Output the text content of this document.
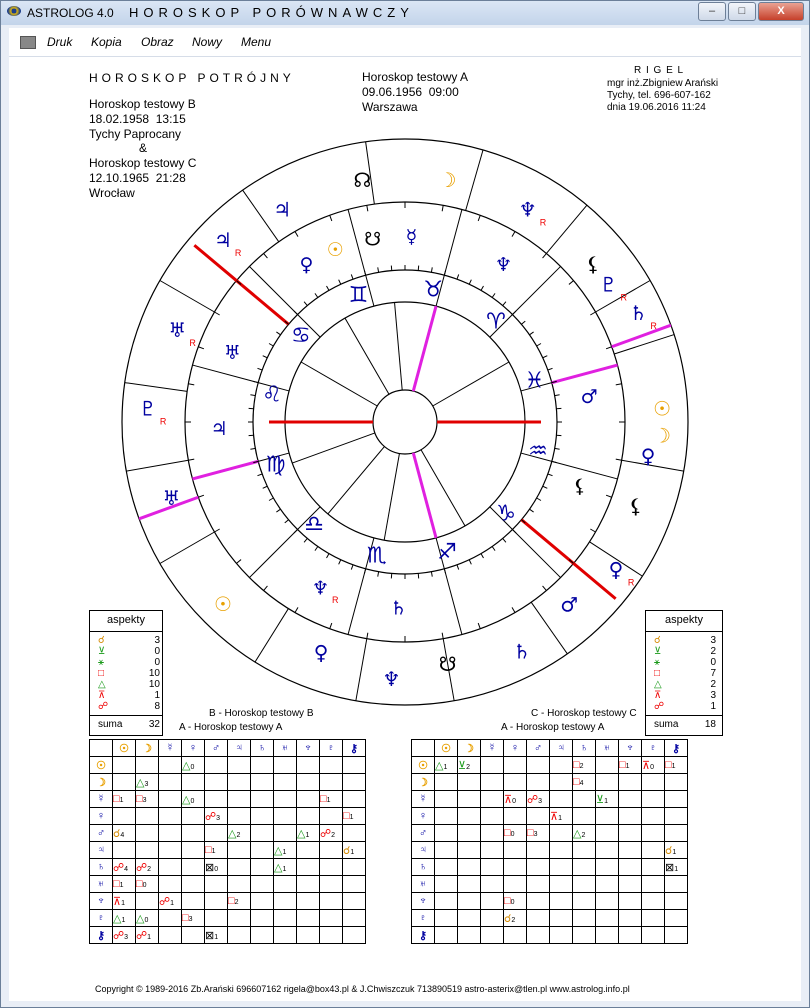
ASTROLOG 4.0 HOROSKOP PORÓWNAWCZY	–	□	X
Druk Kopia Obraz Nowy Menu
HOROSKOP POTRÓJNY
Horoskop testowy B
18.02.1958  13:15
Tychy Paprocany
&
Horoskop testowy C
12.10.1965  21:28
Wrocław
Horoskop testowy A
09.06.1956  09:00
Warszawa
R I G E L
mgr inż.Zbigniew Arański
Tychy, tel. 696-607-162
dnia 19.06.2016 11:24
☊	☽
♃	♆
R
♃
R	⚸
♇
R
♄
R
♅
R
♇
R
☉
☽
♀
⚸
♀
R
♂
♄
☋
♆
♀
☉
♅
♊	♉
♈
♓
♒
♑
♐
♏
♎
♍
♌
♋
♀
☉ ☋ ☿
♆
♃
♅
♂
⚸
♄
♆
R
aspekty
☌	3
⊻	0
⚹	0
□	10
△	10
⊼	1
☍	8
suma	32
aspekty
☌	3
⊻	2
⚹	0
□	7
△	2
⊼	3
☍	1
suma	18
B - Horoskop testowy B
A - Horoskop testowy A
C - Horoskop testowy C
A - Horoskop testowy A
	☉	☽	☿	♀	♂	♃	♄	♅	♆	♇	⚷
☉				△0							
☽		△3									
☿	□1	□3		△0						□1	
♀					☍3						□1
♂	☌4					△2			△1	☍2	
♃					□1			△1			☌1
♄	☍4	☍2			⊠0			△1			
♅	□1	□0									
♆	⊼1		☍1			□2					
♇	△1	△0		□3							
⚷	☍3	☍1			⊠1						
	☉	☽	☿	♀	♂	♃	♄	♅	♆	♇	⚷
☉	△1	⊻2					□2		□1	⊼0	□1
☽							□4				
☿				⊼0	☍3			⊻1			
♀						⊼1					
♂				□0	□3		△2				
♃											☌1
♄											⊠1
♅											
♆				□0							
♇				☌2							
⚷											
Copyright © 1989-2016 Zb.Arański 696607162 rigela@box43.pl & J.Chwiszczuk 713890519 astro-asterix@tlen.pl www.astrolog.info.pl
